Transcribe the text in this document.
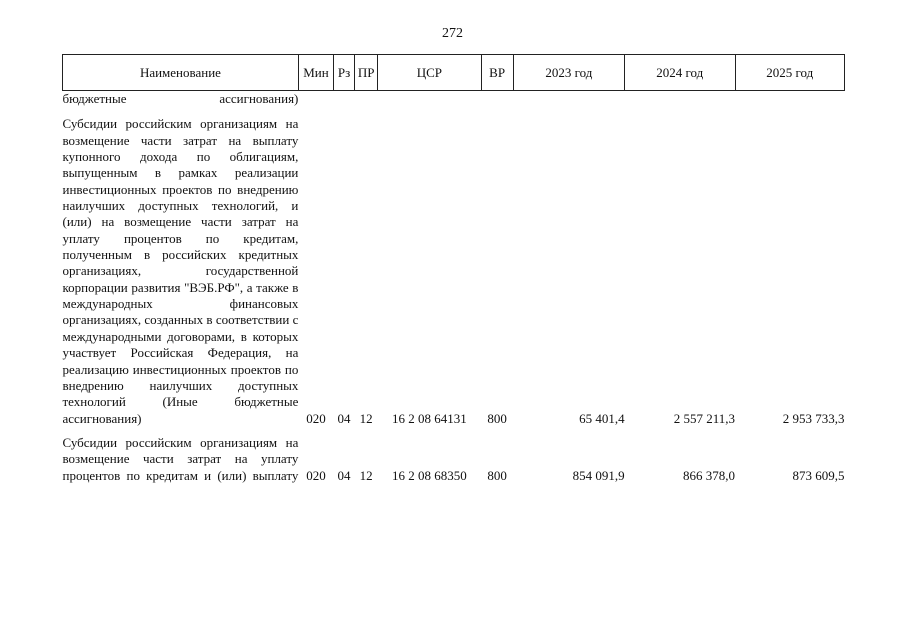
272
Наименование	Мин	Рз	ПР	ЦСР	ВР	2023 год	2024 год	2025 год
бюджетные ассигнования)								

Субсидии российским организациям на возмещение части затрат на выплату купонного дохода по облигациям, выпущенным в рамках реализации инвестиционных проектов по внедрению наилучших доступных технологий, и (или) на возмещение части затрат на уплату процентов по кредитам, полученным в российских кредитных организациях, государственной корпорации развития "ВЭБ.РФ", а также в международных финансовых организациях, созданных в соответствии с международными договорами, в которых участвует Российская Федерация, на реализацию инвестиционных проектов по внедрению наилучших доступных технологий (Иные бюджетные ассигнования)	020	04	12	16 2 08 64131	800	65 401,4	2 557 211,3	2 953 733,3

Субсидии российским организациям на возмещение части затрат на уплату процентов по кредитам и (или) выплату	020	04	12	16 2 08 68350	800	854 091,9	866 378,0	873 609,5
